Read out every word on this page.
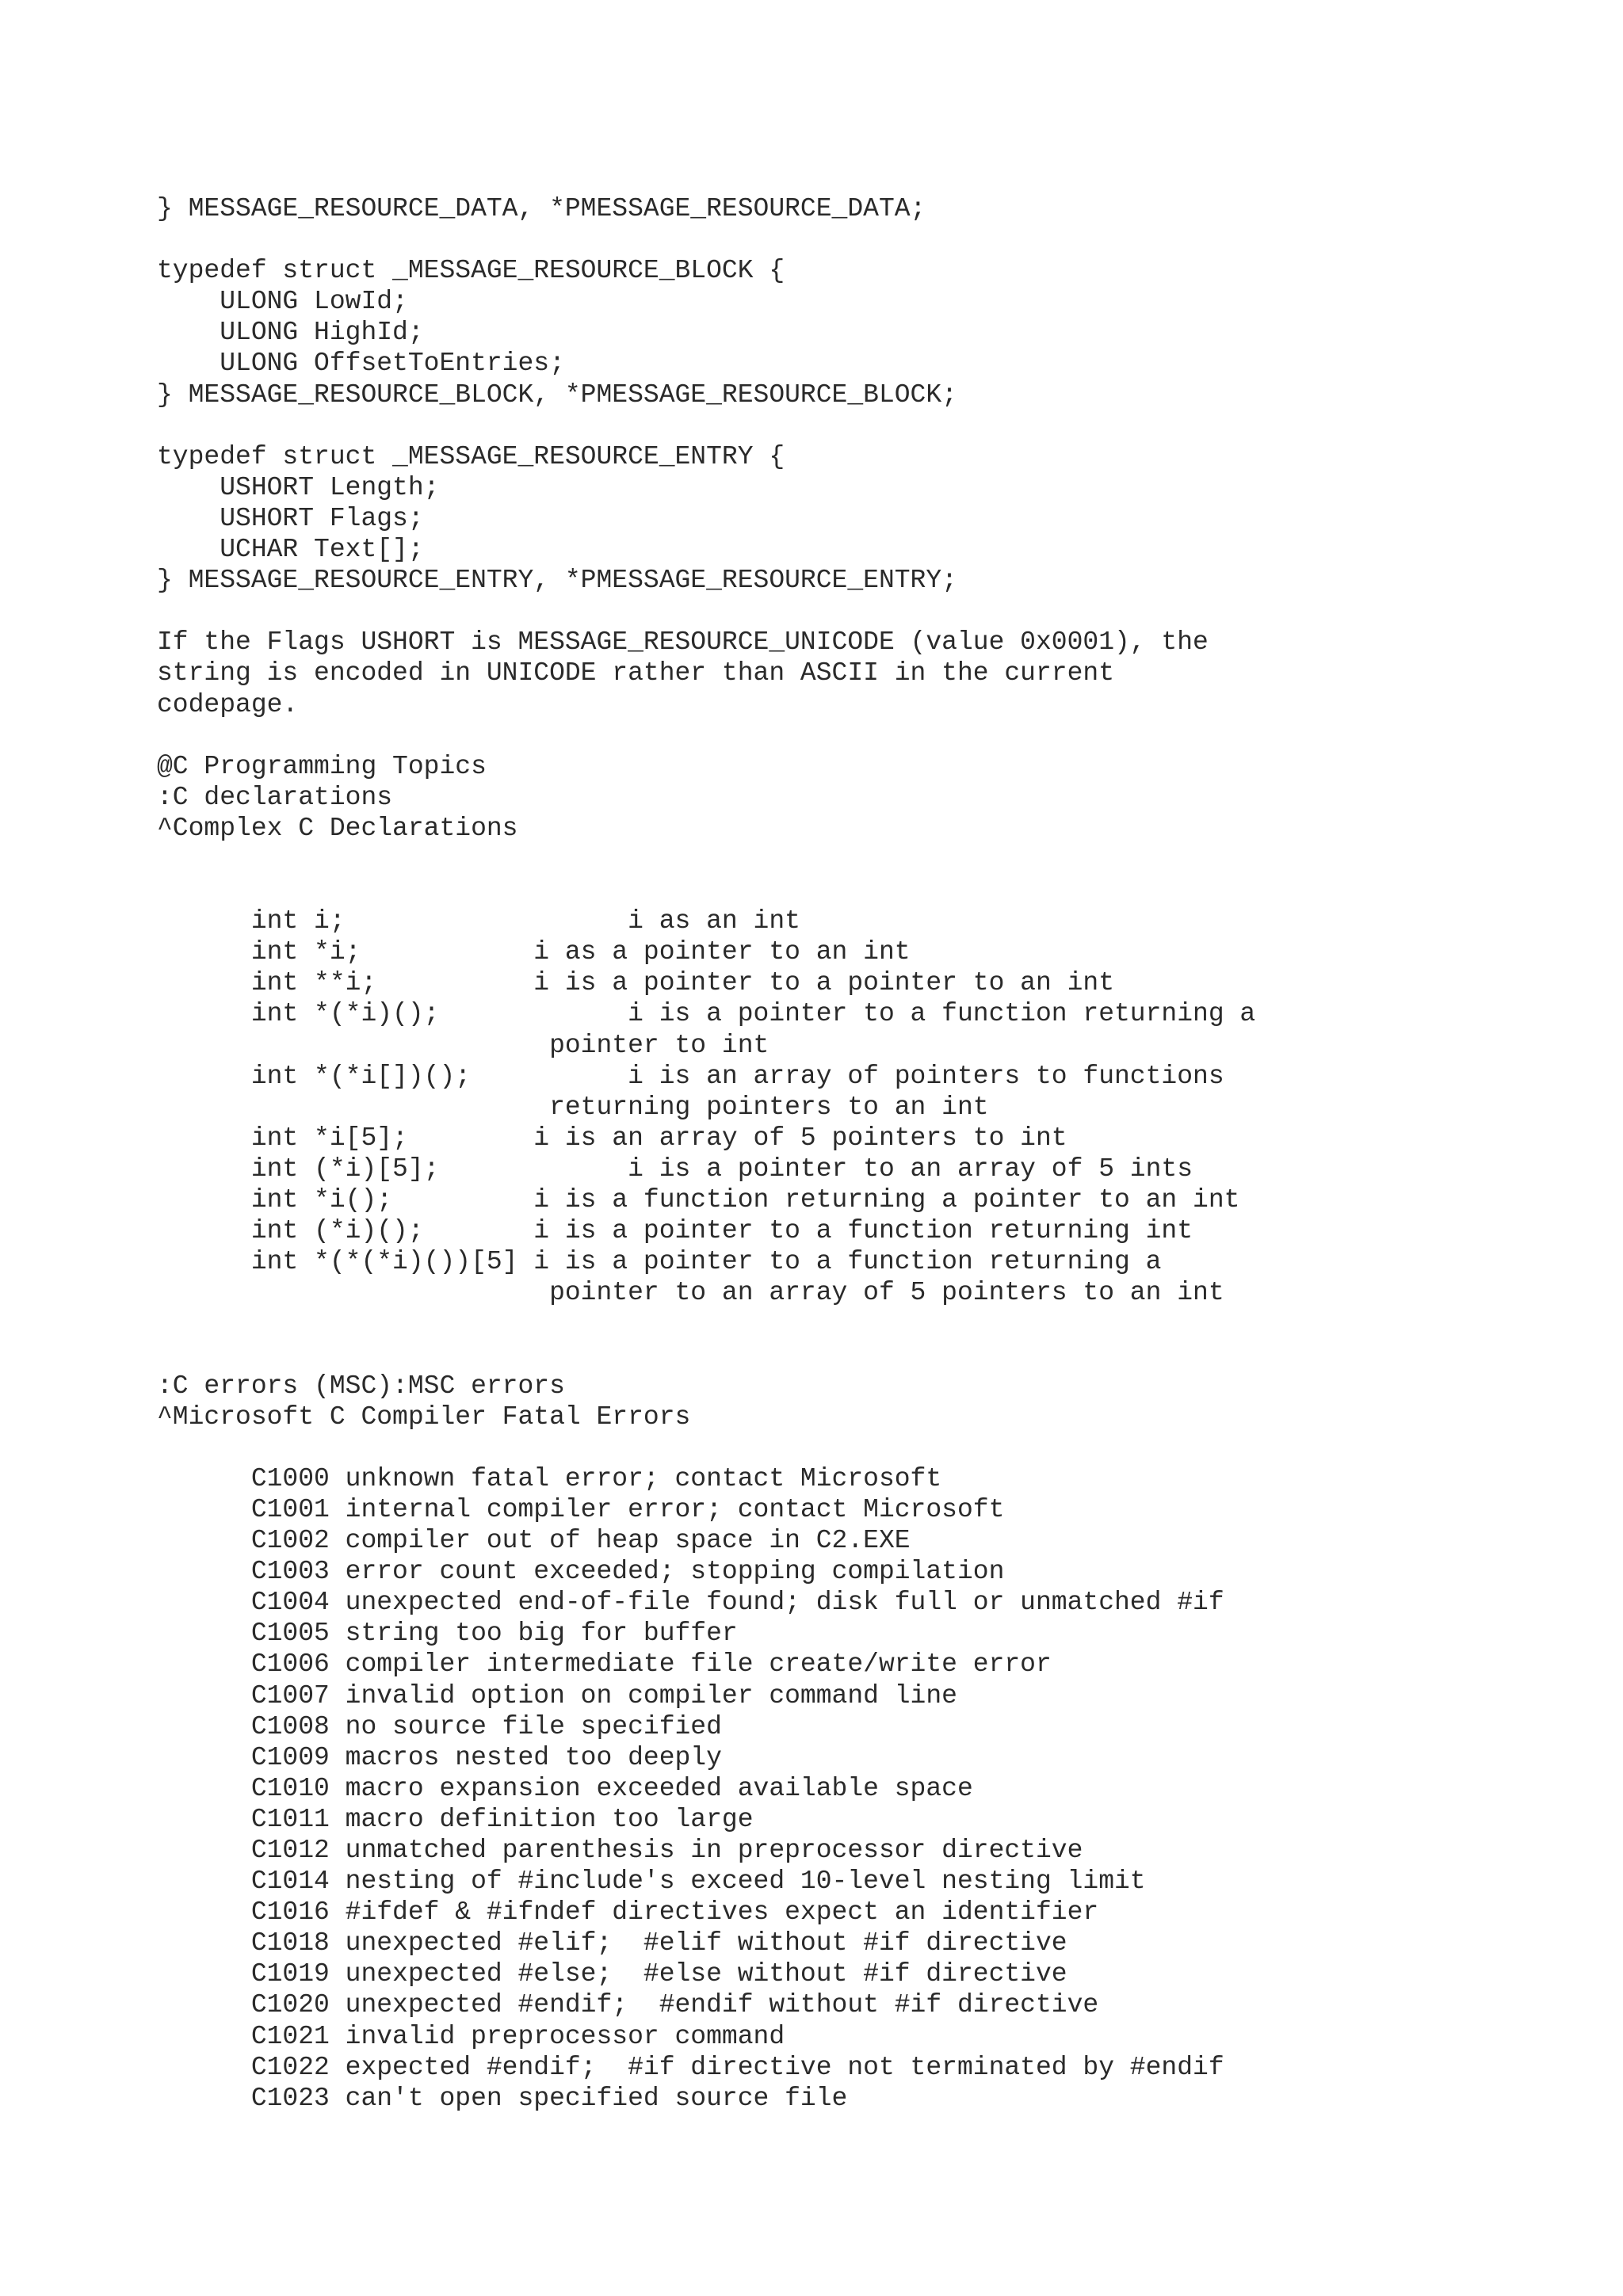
} MESSAGE_RESOURCE_DATA, *PMESSAGE_RESOURCE_DATA;
typedef struct _MESSAGE_RESOURCE_BLOCK {
ULONG LowId;
ULONG HighId;
ULONG OffsetToEntries;
} MESSAGE_RESOURCE_BLOCK, *PMESSAGE_RESOURCE_BLOCK;
typedef struct _MESSAGE_RESOURCE_ENTRY {
USHORT Length;
USHORT Flags;
UCHAR Text[];
} MESSAGE_RESOURCE_ENTRY, *PMESSAGE_RESOURCE_ENTRY;
If the Flags USHORT is MESSAGE_RESOURCE_UNICODE (value 0x0001), the
string is encoded in UNICODE rather than ASCII in the current
codepage.
@C Programming Topics
:C declarations
^Complex C Declarations
int i;                  i as an int
int *i;           i as a pointer to an int
int **i;          i is a pointer to a pointer to an int
int *(*i)();            i is a pointer to a function returning a
pointer to int
int *(*i[])();          i is an array of pointers to functions
returning pointers to an int
int *i[5];        i is an array of 5 pointers to int
int (*i)[5];            i is a pointer to an array of 5 ints
int *i();         i is a function returning a pointer to an int
int (*i)();       i is a pointer to a function returning int
int *(*(*i)())[5] i is a pointer to a function returning a
pointer to an array of 5 pointers to an int
:C errors (MSC):MSC errors
^Microsoft C Compiler Fatal Errors
C1000 unknown fatal error; contact Microsoft
C1001 internal compiler error; contact Microsoft
C1002 compiler out of heap space in C2.EXE
C1003 error count exceeded; stopping compilation
C1004 unexpected end-of-file found; disk full or unmatched #if
C1005 string too big for buffer
C1006 compiler intermediate file create/write error
C1007 invalid option on compiler command line
C1008 no source file specified
C1009 macros nested too deeply
C1010 macro expansion exceeded available space
C1011 macro definition too large
C1012 unmatched parenthesis in preprocessor directive
C1014 nesting of #include's exceed 10-level nesting limit
C1016 #ifdef & #ifndef directives expect an identifier
C1018 unexpected #elif;  #elif without #if directive
C1019 unexpected #else;  #else without #if directive
C1020 unexpected #endif;  #endif without #if directive
C1021 invalid preprocessor command
C1022 expected #endif;  #if directive not terminated by #endif
C1023 can't open specified source file
